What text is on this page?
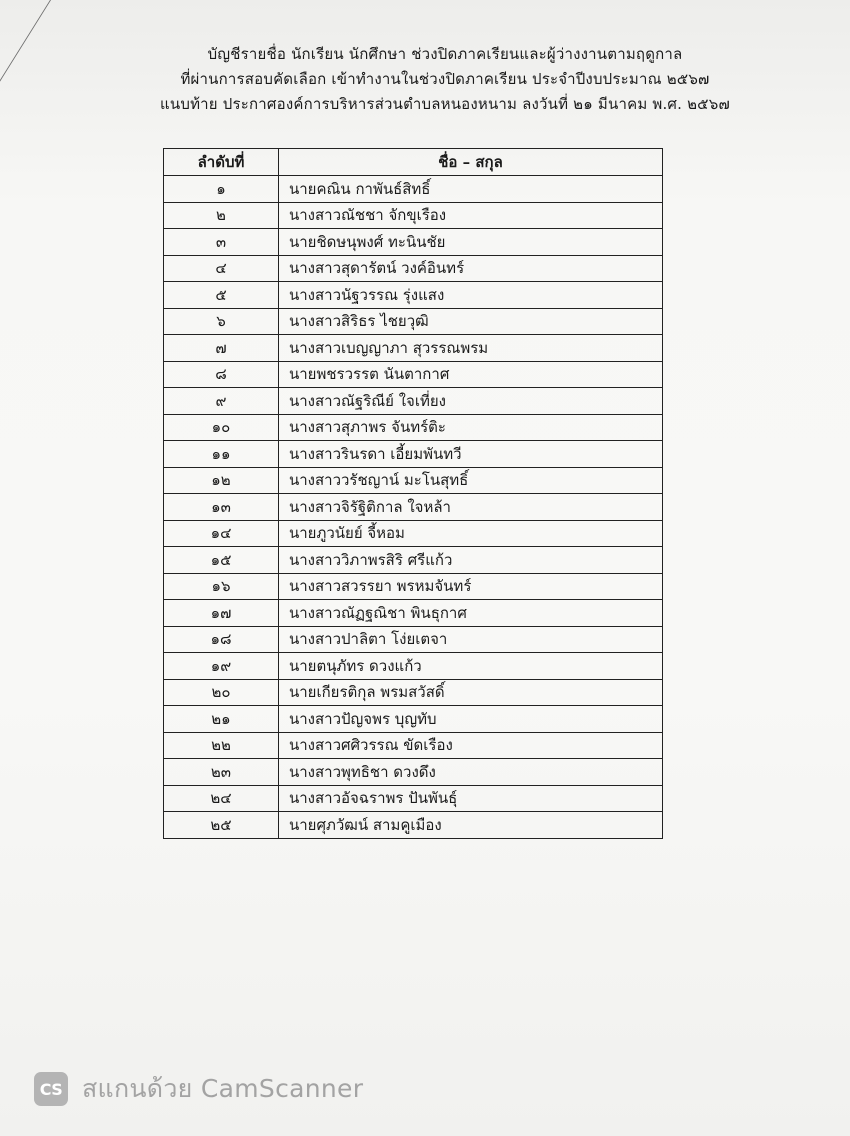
บัญชีรายชื่อ นักเรียน นักศึกษา ช่วงปิดภาคเรียนและผู้ว่างงานตามฤดูกาล
ที่ผ่านการสอบคัดเลือก เข้าทำงานในช่วงปิดภาคเรียน ประจำปีงบประมาณ ๒๕๖๗
แนบท้าย ประกาศองค์การบริหารส่วนตำบลหนองหนาม ลงวันที่ ๒๑ มีนาคม พ.ศ. ๒๕๖๗
ลำดับที่	ชื่อ – สกุล
๑	นายคณิน กาพันธ์สิทธิ์
๒	นางสาวณัชชา จักขุเรือง
๓	นายชิดษนุพงศ์ ทะนินชัย
๔	นางสาวสุดารัตน์ วงค์อินทร์
๕	นางสาวนัฐวรรณ รุ่งแสง
๖	นางสาวสิริธร ไชยวุฒิ
๗	นางสาวเบญญาภา สุวรรณพรม
๘	นายพชรวรรต นันตากาศ
๙	นางสาวณัฐริณีย์ ใจเที่ยง
๑๐	นางสาวสุภาพร จันทร์ติะ
๑๑	นางสาวรินรดา เอี้ยมพันทวี
๑๒	นางสาววรัชญาน์ มะโนสุทธิ์
๑๓	นางสาวจิรัฐิติกาล ใจหล้า
๑๔	นายภูวนัยย์ จี้หอม
๑๕	นางสาววิภาพรสิริ ศรีแก้ว
๑๖	นางสาวสวรรยา พรหมจันทร์
๑๗	นางสาวณัฏฐณิชา พินธุกาศ
๑๘	นางสาวปาลิตา โง่ยเตจา
๑๙	นายตนุภัทร ดวงแก้ว
๒๐	นายเกียรติกุล พรมสวัสดิ์
๒๑	นางสาวปัญจพร บุญทับ
๒๒	นางสาวศศิวรรณ ขัดเรือง
๒๓	นางสาวพุทธิชา ดวงดึง
๒๔	นางสาวอัจฉราพร ปันพันธุ์
๒๕	นายศุภวัฒน์ สามคูเมือง
CS สแกนด้วย CamScanner
